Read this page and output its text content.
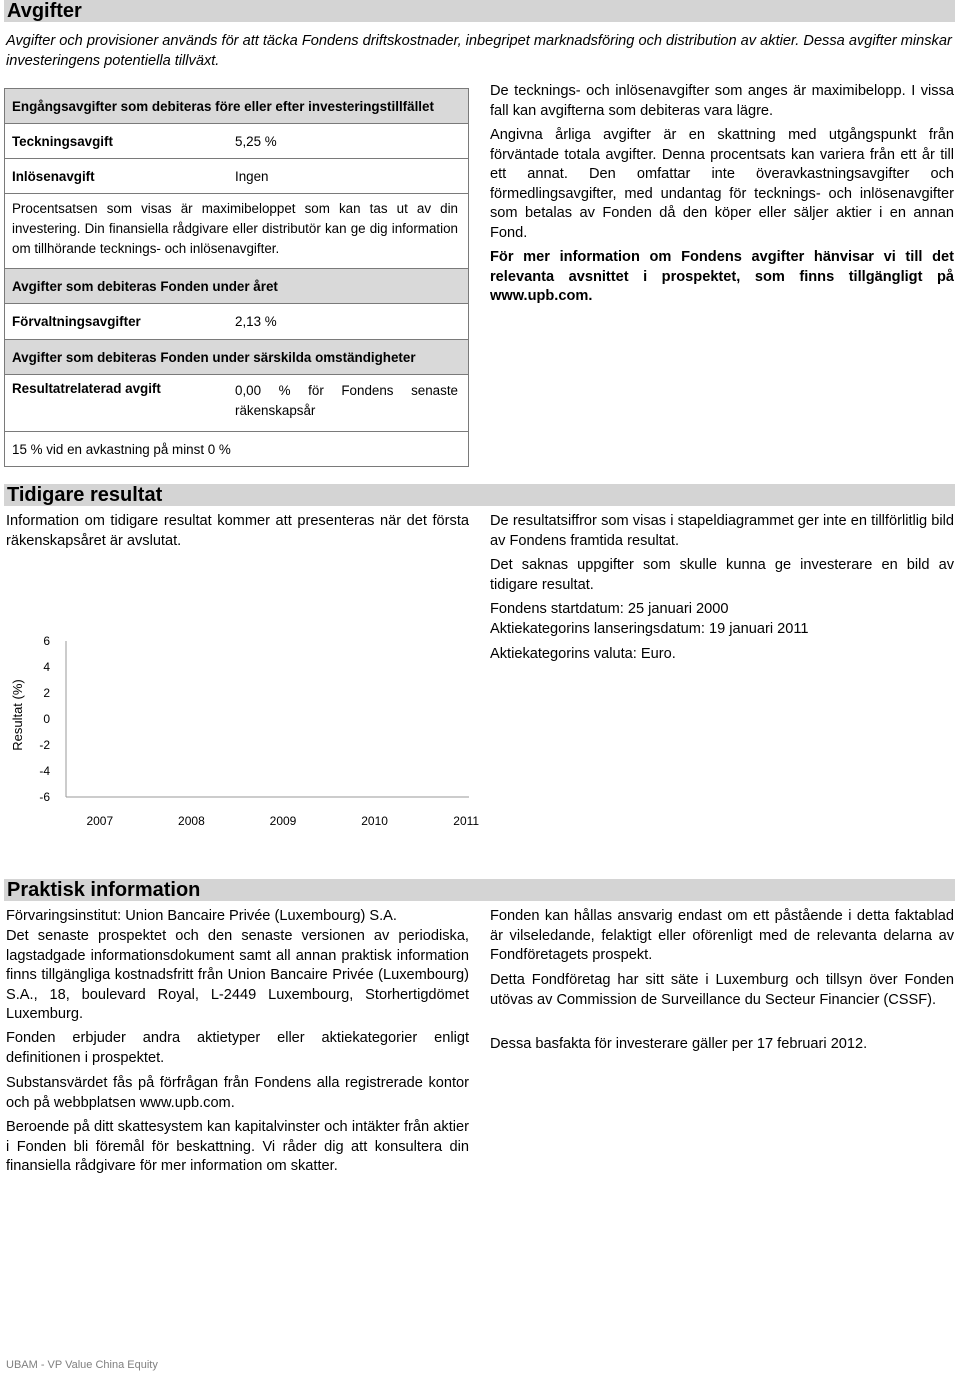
Avgifter
Avgifter och provisioner används för att täcka Fondens driftskostnader, inbegripet marknadsföring och distribution av aktier. Dessa avgifter minskar investeringens potentiella tillväxt.
Engångsavgifter som debiteras före eller efter investeringstillfället
Teckningsavgift	5,25 %
Inlösenavgift	Ingen
Procentsatsen som visas är maximibeloppet som kan tas ut av din investering. Din finansiella rådgivare eller distributör kan ge dig information om tillhörande tecknings- och inlösenavgifter.
Avgifter som debiteras Fonden under året
Förvaltningsavgifter	2,13 %
Avgifter som debiteras Fonden under särskilda omständigheter
Resultatrelaterad avgift	0,00 % för Fondens senaste räkenskapsår
15 % vid en avkastning på minst 0 %
De tecknings- och inlösenavgifter som anges är maximibelopp. I vissa fall kan avgifterna som debiteras vara lägre.
Angivna årliga avgifter är en skattning med utgångspunkt från förväntade totala avgifter. Denna procentsats kan variera från ett år till ett annat. Den omfattar inte överavkastningsavgifter och förmedlingsavgifter, med undantag för tecknings- och inlösenavgifter som betalas av Fonden då den köper eller säljer aktier i en annan Fond.
För mer information om Fondens avgifter hänvisar vi till det relevanta avsnittet i prospektet, som finns tillgängligt på www.upb.com.
Tidigare resultat
Information om tidigare resultat kommer att presenteras när det första räkenskapsåret är avslutat.
De resultatsiffror som visas i stapeldiagrammet ger inte en tillförlitlig bild av Fondens framtida resultat.
Det saknas uppgifter som skulle kunna ge investerare en bild av tidigare resultat.
Fondens startdatum: 25 januari 2000
Aktiekategorins lanseringsdatum: 19 januari 2011
Aktiekategorins valuta: Euro.
Resultat (%)
6
4
2
0
-2
-4
-6
2007	2008	2009	2010	2011
Praktisk information
Förvaringsinstitut: Union Bancaire Privée (Luxembourg) S.A.
Det senaste prospektet och den senaste versionen av periodiska, lagstadgade informationsdokument samt all annan praktisk information finns tillgängliga kostnadsfritt från Union Bancaire Privée (Luxembourg) S.A., 18, boulevard Royal, L-2449 Luxembourg, Storhertigdömet Luxemburg.
Fonden erbjuder andra aktietyper eller aktiekategorier enligt definitionen i prospektet.
Substansvärdet fås på förfrågan från Fondens alla registrerade kontor och på webbplatsen www.upb.com.
Beroende på ditt skattesystem kan kapitalvinster och intäkter från aktier i Fonden bli föremål för beskattning. Vi råder dig att konsultera din finansiella rådgivare för mer information om skatter.
Fonden kan hållas ansvarig endast om ett påstående i detta faktablad är vilseledande, felaktigt eller oförenligt med de relevanta delarna av Fondföretagets prospekt.
Detta Fondföretag har sitt säte i Luxemburg och tillsyn över Fonden utövas av Commission de Surveillance du Secteur Financier (CSSF).
Dessa basfakta för investerare gäller per 17 februari 2012.
UBAM - VP Value China Equity
